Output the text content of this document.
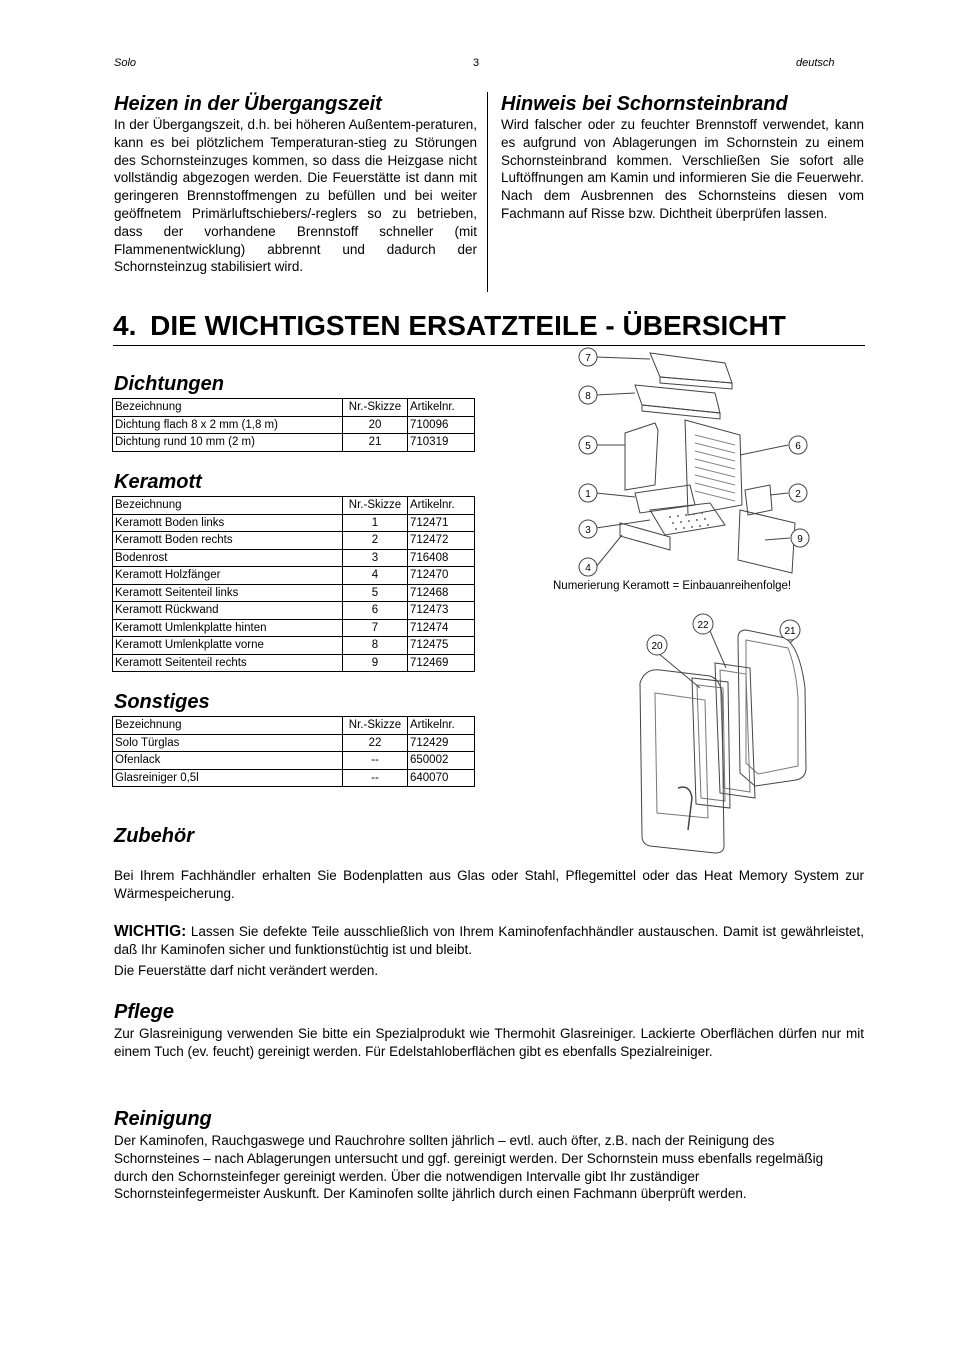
Solo	3	deutsch
Heizen in der Übergangszeit

In der Übergangszeit, d.h. bei höheren Außentem-peraturen, kann es bei plötzlichem Temperaturan-stieg zu Störungen des Schornsteinzuges kommen, so dass die Heizgase nicht vollständig abgezogen werden. Die Feuerstätte ist dann mit geringeren Brennstoffmengen zu befüllen und bei weiter geöffnetem Primärluftschiebers/-reglers so zu betrieben, dass der vorhandene Brennstoff schneller (mit Flammenentwicklung) abbrennt und dadurch der Schornsteinzug stabilisiert wird.

Hinweis bei Schornsteinbrand

Wird falscher oder zu feuchter Brennstoff verwendet, kann es aufgrund von Ablagerungen im Schornstein zu einem Schornsteinbrand kommen. Verschließen Sie sofort alle Luftöffnungen am Kamin und informieren Sie die Feuerwehr. Nach dem Ausbrennen des Schornsteins diesen vom Fachmann auf Risse bzw. Dichtheit überprüfen lassen.

4. DIE WICHTIGSTEN ERSATZTEILE - ÜBERSICHT
Dichtungen
Bezeichnung	Nr.-Skizze	Artikelnr.
Dichtung flach 8 x 2 mm (1,8 m)	20	710096
Dichtung rund 10 mm (2 m)	21	710319
Keramott
Bezeichnung	Nr.-Skizze	Artikelnr.
Keramott Boden links	1	712471
Keramott Boden rechts	2	712472
Bodenrost	3	716408
Keramott Holzfänger	4	712470
Keramott Seitenteil links	5	712468
Keramott Rückwand	6	712473
Keramott Umlenkplatte hinten	7	712474
Keramott Umlenkplatte vorne	8	712475
Keramott Seitenteil rechts	9	712469
Sonstiges
Bezeichnung	Nr.-Skizze	Artikelnr.
Solo Türglas	22	712429
Ofenlack	--	650002
Glasreiniger 0,5l	--	640070
7
8
5	6
1	2
3
9
4
Numerierung Keramott = Einbauanreihenfolge!
20
22
21
Zubehör

Bei Ihrem Fachhändler erhalten Sie Bodenplatten aus Glas oder Stahl, Pflegemittel oder das Heat Memory System zur Wärmespeicherung.

WICHTIG: Lassen Sie defekte Teile ausschließlich von Ihrem Kaminofenfachhändler austauschen. Damit ist gewährleistet, daß Ihr Kaminofen sicher und funktionstüchtig ist und bleibt.

Die Feuerstätte darf nicht verändert werden.

Pflege

Zur Glasreinigung verwenden Sie bitte ein Spezialprodukt wie Thermohit Glasreiniger. Lackierte Oberflächen dürfen nur mit einem Tuch (ev. feucht) gereinigt werden. Für Edelstahloberflächen gibt es ebenfalls Spezialreiniger.

Reinigung

Der Kaminofen, Rauchgaswege und Rauchrohre sollten jährlich – evtl. auch öfter, z.B. nach der Reinigung des Schornsteines – nach Ablagerungen untersucht und ggf. gereinigt werden. Der Schornstein muss ebenfalls regelmäßig durch den Schornsteinfeger gereinigt werden. Über die notwendigen Intervalle gibt Ihr zuständiger Schornsteinfegermeister Auskunft. Der Kaminofen sollte jährlich durch einen Fachmann überprüft werden.
